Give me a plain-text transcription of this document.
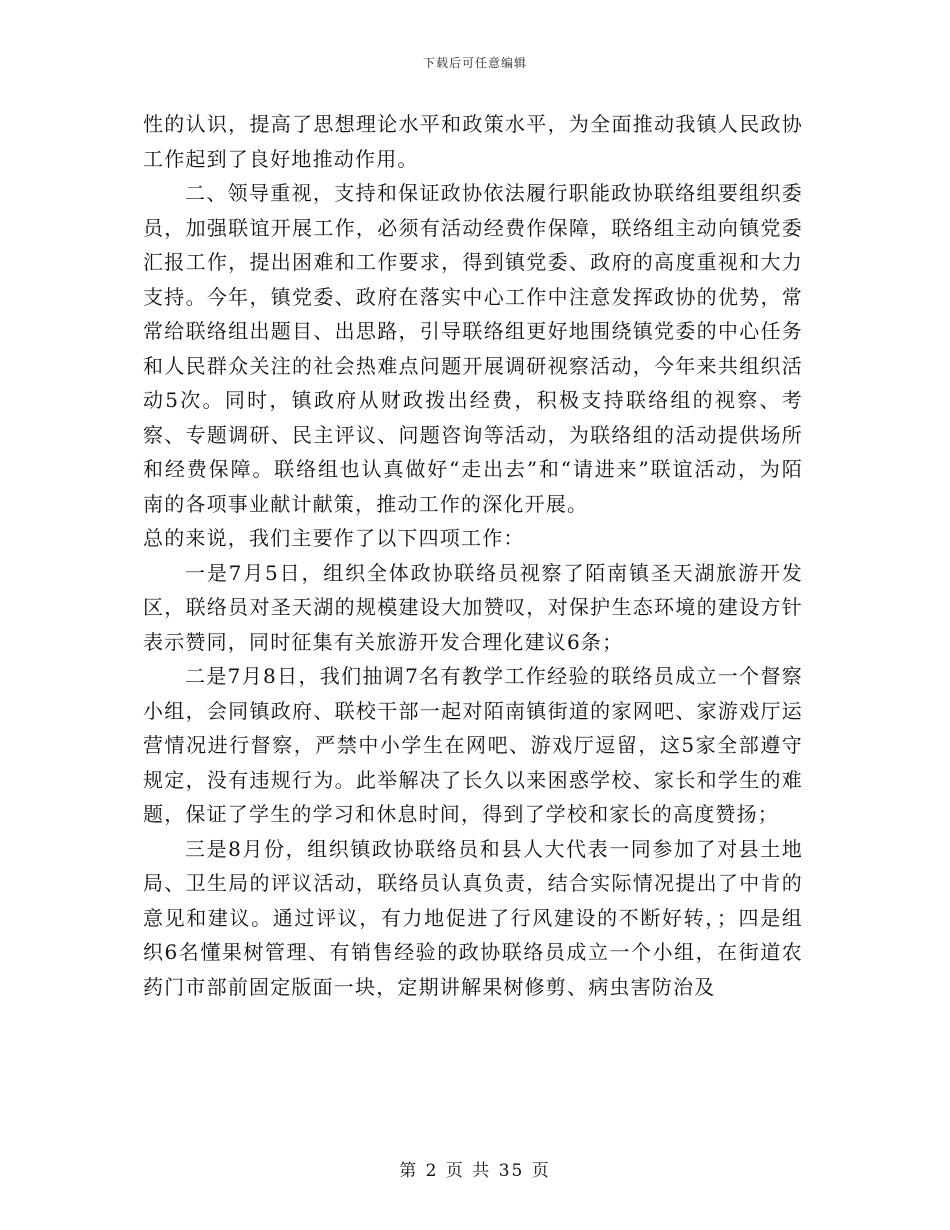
下载后可任意编辑

性的认识，提高了思想理论水平和政策水平，为全面推动我镇人民政协工作起到了良好地推动作用。

二、领导重视，支持和保证政协依法履行职能政协联络组要组织委员，加强联谊开展工作，必须有活动经费作保障，联络组主动向镇党委汇报工作，提出困难和工作要求，得到镇党委、政府的高度重视和大力支持。今年，镇党委、政府在落实中心工作中注意发挥政协的优势，常常给联络组出题目、出思路，引导联络组更好地围绕镇党委的中心任务和人民群众关注的社会热难点问题开展调研视察活动，今年来共组织活动5次。同时，镇政府从财政拨出经费，积极支持联络组的视察、考察、专题调研、民主评议、问题咨询等活动，为联络组的活动提供场所和经费保障。联络组也认真做好“走出去”和“请进来”联谊活动，为陌南的各项事业献计献策，推动工作的深化开展。

总的来说，我们主要作了以下四项工作：

一是7月5日，组织全体政协联络员视察了陌南镇圣天湖旅游开发区，联络员对圣天湖的规模建设大加赞叹，对保护生态环境的建设方针表示赞同，同时征集有关旅游开发合理化建议6条；

二是7月8日，我们抽调7名有教学工作经验的联络员成立一个督察小组，会同镇政府、联校干部一起对陌南镇街道的家网吧、家游戏厅运营情况进行督察，严禁中小学生在网吧、游戏厅逗留，这5家全部遵守规定，没有违规行为。此举解决了长久以来困惑学校、家长和学生的难题，保证了学生的学习和休息时间，得到了学校和家长的高度赞扬；

三是8月份，组织镇政协联络员和县人大代表一同参加了对县土地局、卫生局的评议活动，联络员认真负责，结合实际情况提出了中肯的意见和建议。通过评议，有力地促进了行风建设的不断好转，；四是组织6名懂果树管理、有销售经验的政协联络员成立一个小组，在街道农药门市部前固定版面一块，定期讲解果树修剪、病虫害防治及

第 2 页 共 35 页
